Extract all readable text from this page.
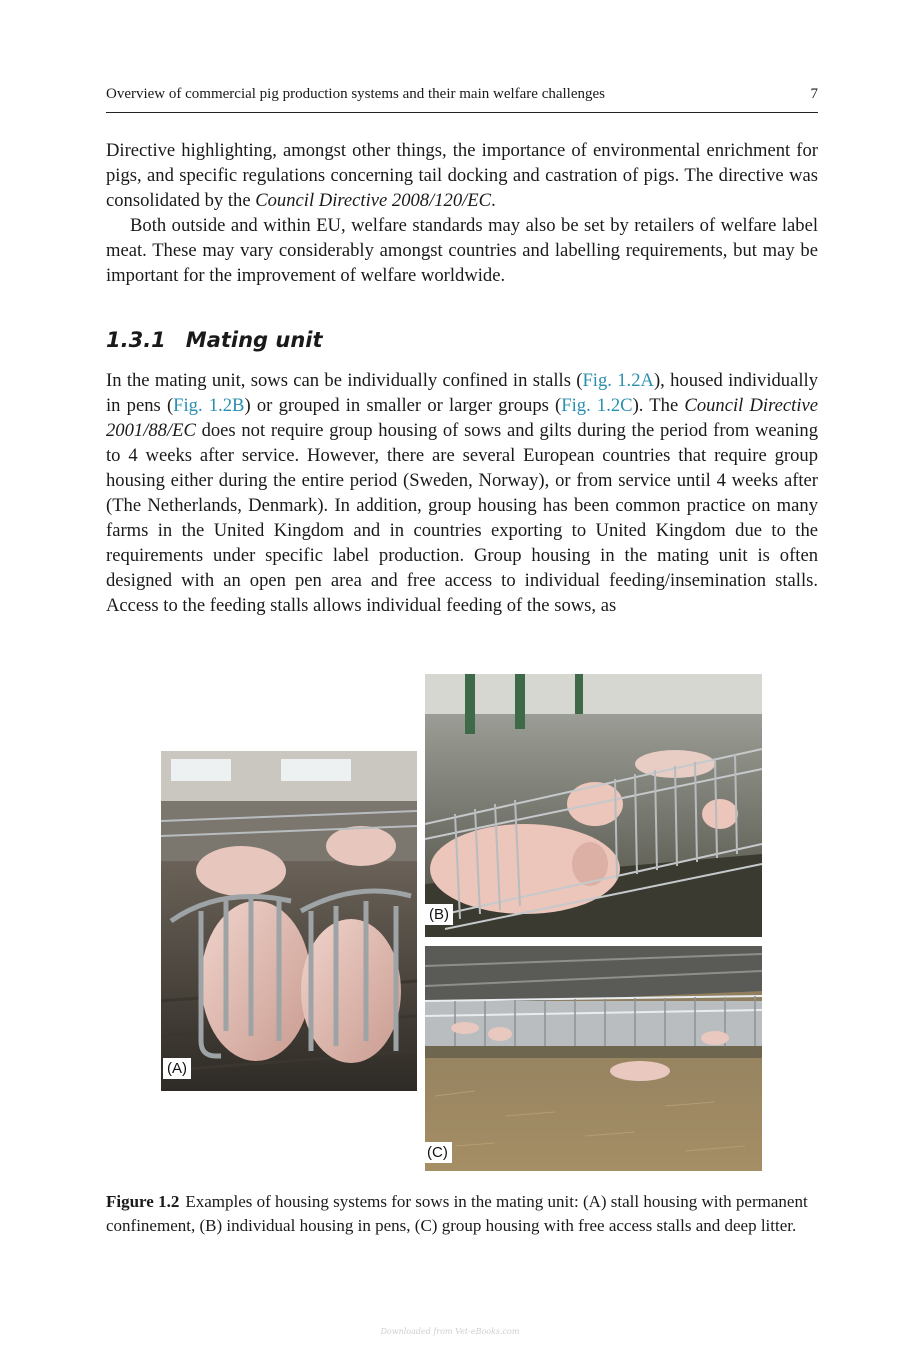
Overview of commercial pig production systems and their main welfare challenges	7

Directive highlighting, amongst other things, the importance of environmental enrichment for pigs, and specific regulations concerning tail docking and castration of pigs. The directive was consolidated by the Council Directive 2008/120/EC.

Both outside and within EU, welfare standards may also be set by retailers of welfare label meat. These may vary considerably amongst countries and labelling requirements, but may be important for the improvement of welfare worldwide.

1.3.1 Mating unit

In the mating unit, sows can be individually confined in stalls (Fig. 1.2A), housed individually in pens (Fig. 1.2B) or grouped in smaller or larger groups (Fig. 1.2C). The Council Directive 2001/88/EC does not require group housing of sows and gilts during the period from weaning to 4 weeks after service. However, there are several European countries that require group housing either during the entire period (Sweden, Norway), or from service until 4 weeks after (The Netherlands, Denmark). In addition, group housing has been common practice on many farms in the United Kingdom and in countries exporting to United Kingdom due to the requirements under specific label production. Group housing in the mating unit is often designed with an open pen area and free access to individual feeding/insemination stalls. Access to the feeding stalls allows individual feeding of the sows, as

(A)
(B)
(C)

Figure 1.2 Examples of housing systems for sows in the mating unit: (A) stall housing with permanent confinement, (B) individual housing in pens, (C) group housing with free access stalls and deep litter.

Downloaded from Vet-eBooks.com
